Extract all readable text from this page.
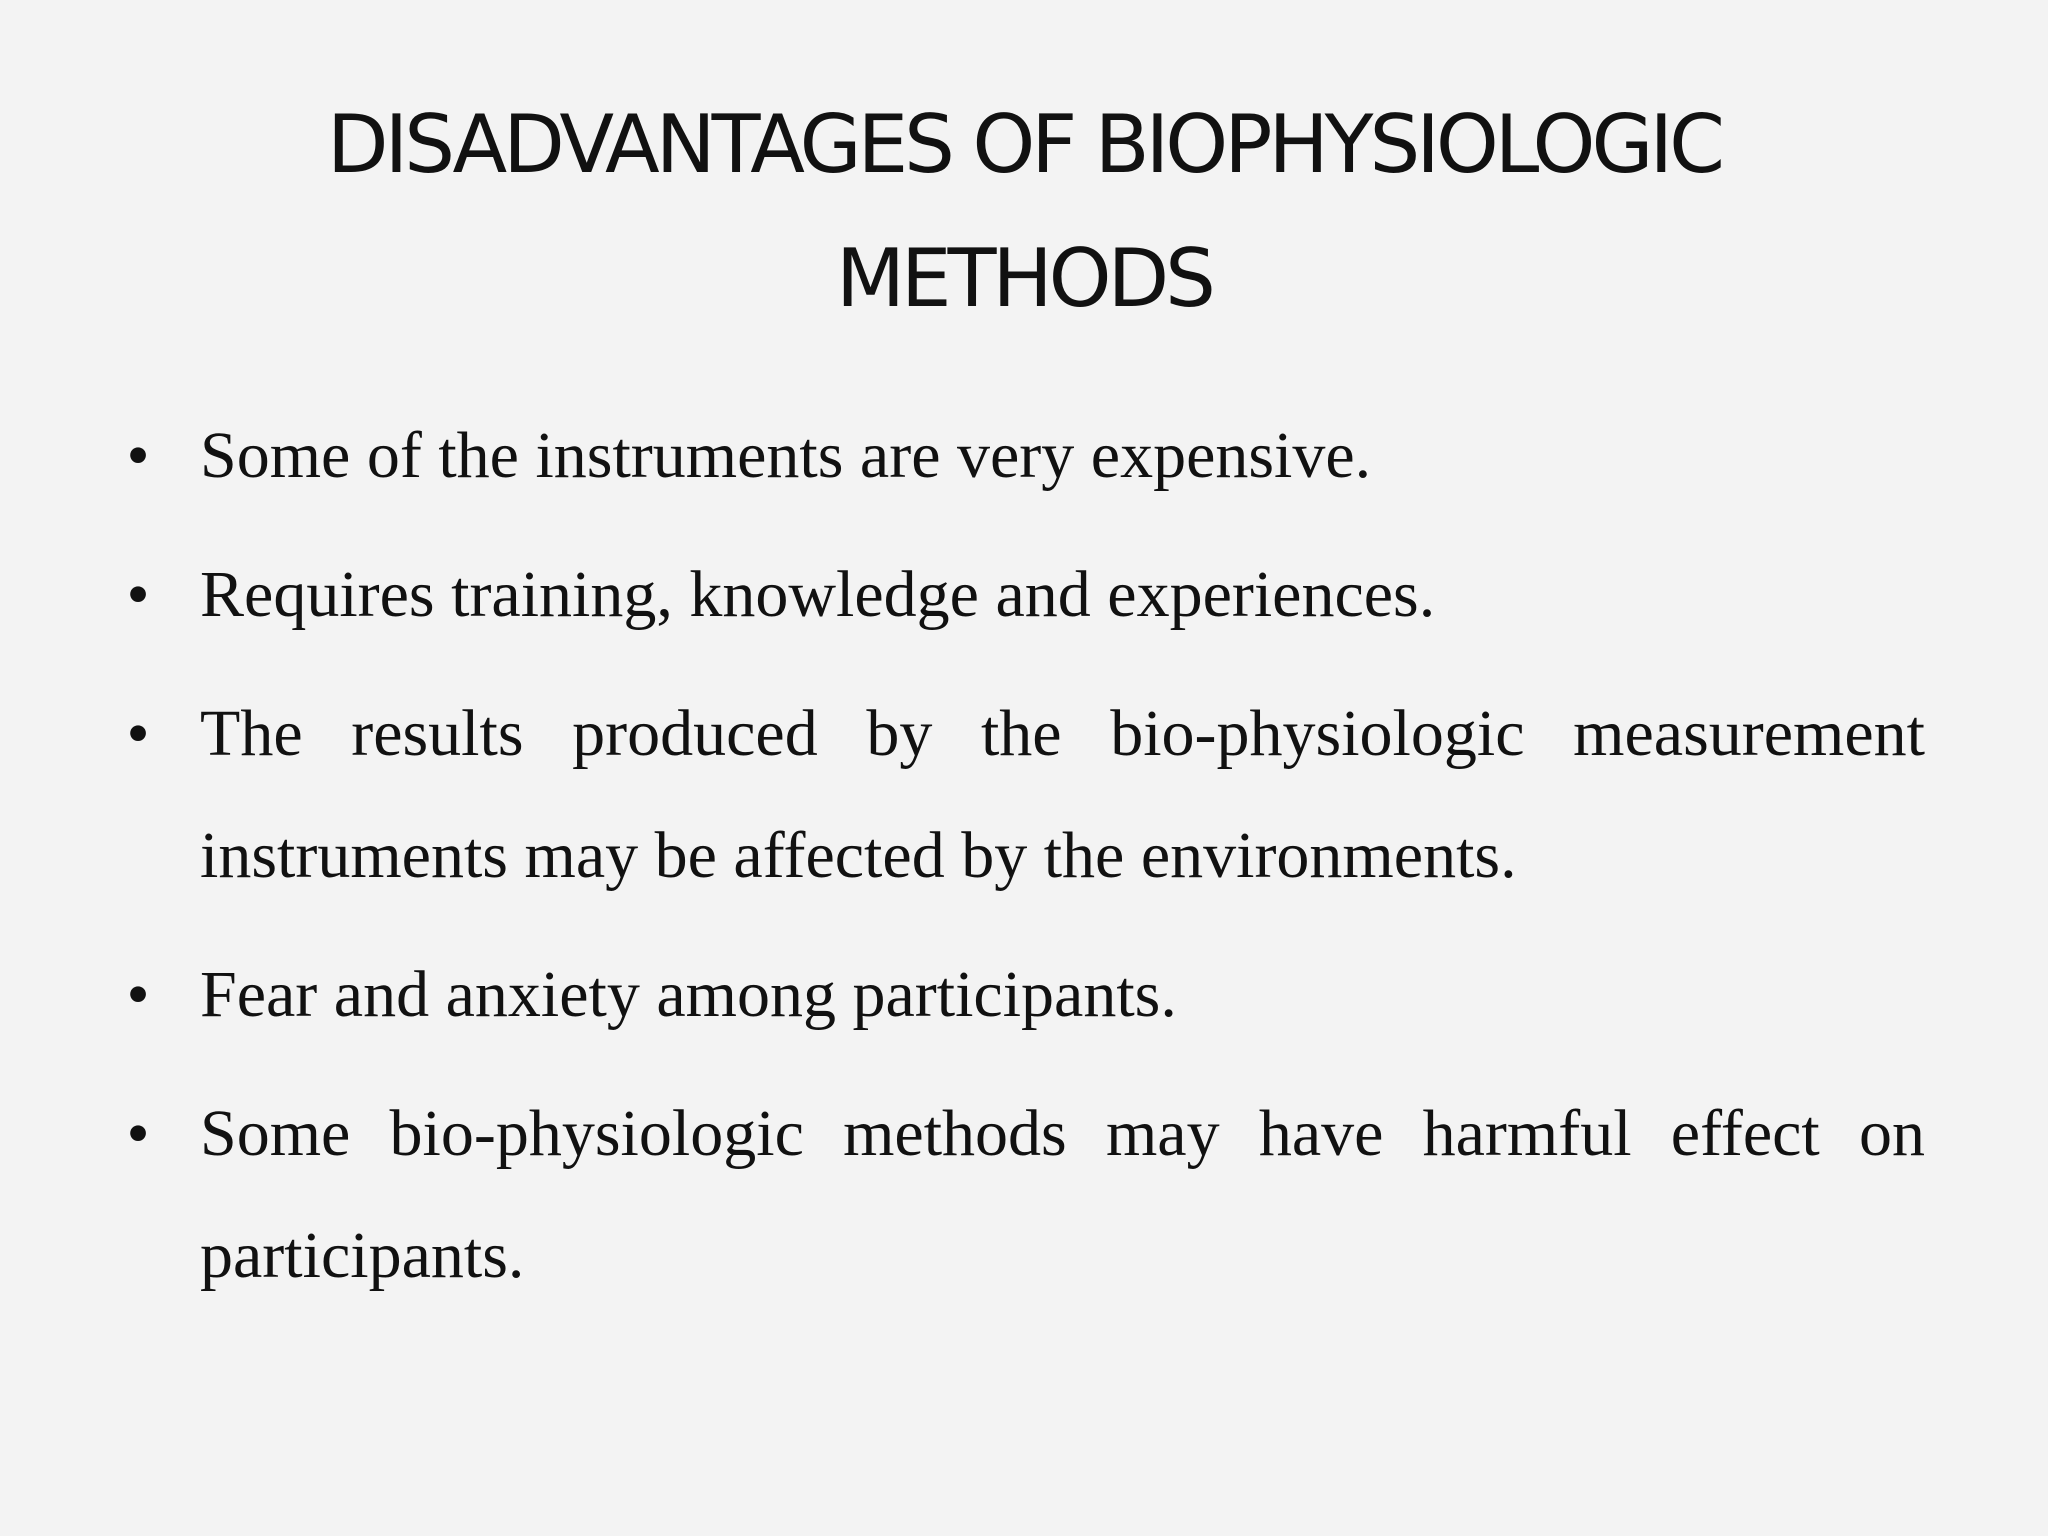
DISADVANTAGES OF BIOPHYSIOLOGIC METHODS
• Some of the instruments are very expensive.
• Requires training, knowledge and experiences.
• The results produced by the bio-physiologic measurement instruments may be affected by the environments.
• Fear and anxiety among participants.
• Some bio-physiologic methods may have harmful effect on participants.
